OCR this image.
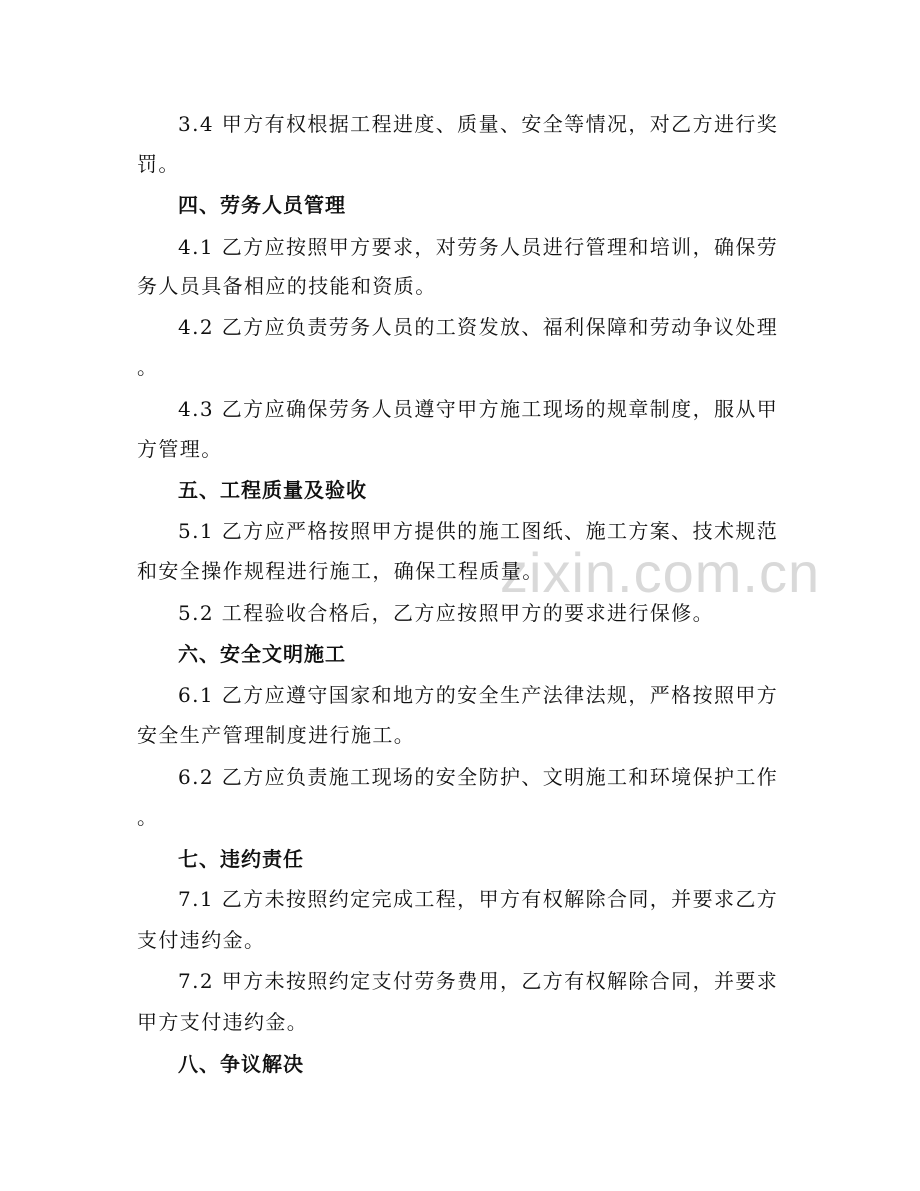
zixin.com.cn
3.4 甲方有权根据工程进度、质量、安全等情况，对乙方进行奖
罚。
四、劳务人员管理
4.1 乙方应按照甲方要求，对劳务人员进行管理和培训，确保劳
务人员具备相应的技能和资质。
4.2 乙方应负责劳务人员的工资发放、福利保障和劳动争议处理
。
4.3 乙方应确保劳务人员遵守甲方施工现场的规章制度，服从甲
方管理。
五、工程质量及验收
5.1 乙方应严格按照甲方提供的施工图纸、施工方案、技术规范
和安全操作规程进行施工，确保工程质量。
5.2 工程验收合格后，乙方应按照甲方的要求进行保修。
六、安全文明施工
6.1 乙方应遵守国家和地方的安全生产法律法规，严格按照甲方
安全生产管理制度进行施工。
6.2 乙方应负责施工现场的安全防护、文明施工和环境保护工作
。
七、违约责任
7.1 乙方未按照约定完成工程，甲方有权解除合同，并要求乙方
支付违约金。
7.2 甲方未按照约定支付劳务费用，乙方有权解除合同，并要求
甲方支付违约金。
八、争议解决
